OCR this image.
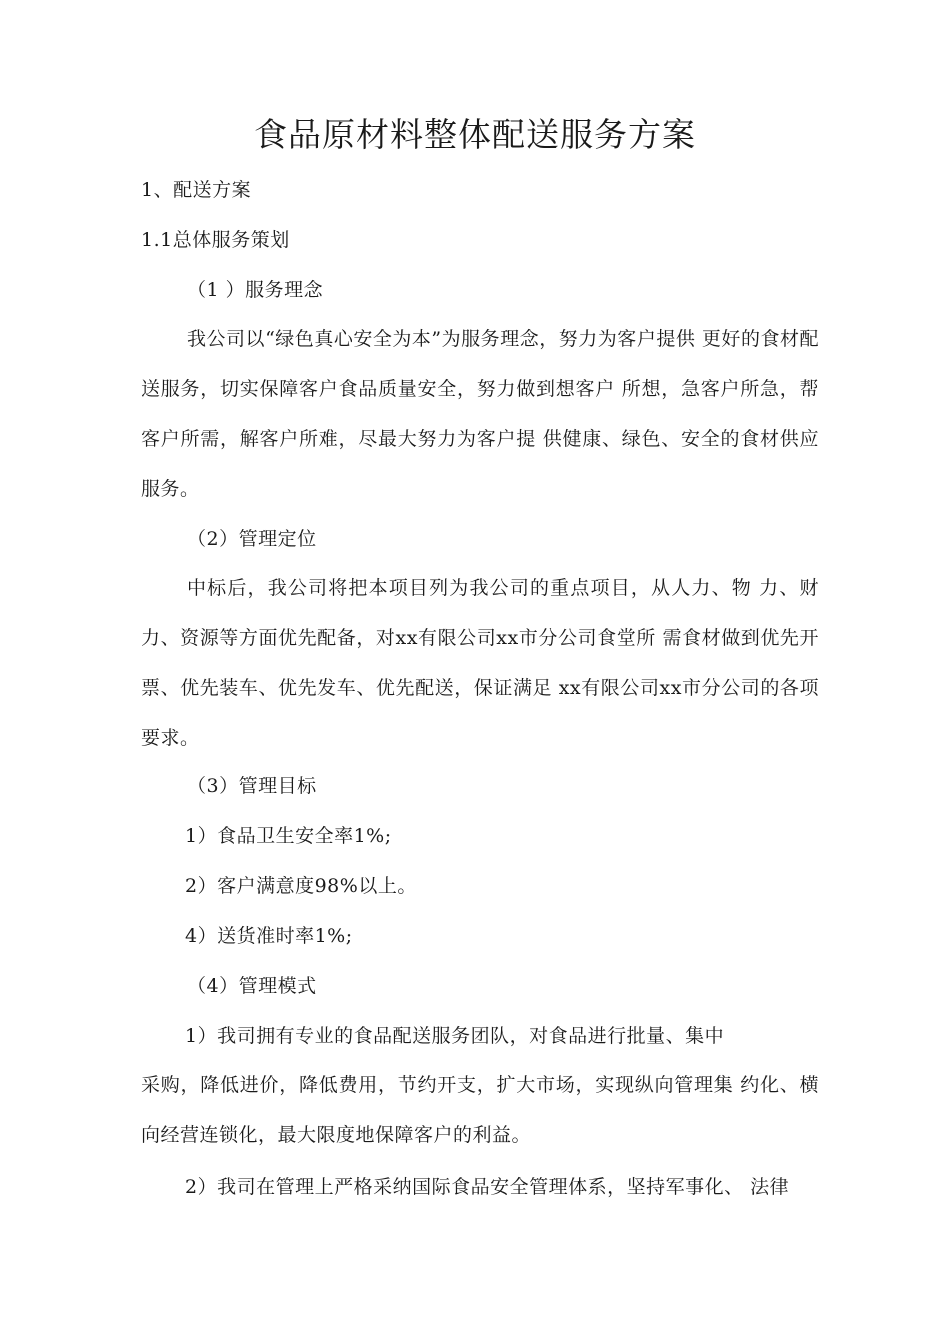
食品原材料整体配送服务方案
1、配送方案
1.1总体服务策划
（1 ）服务理念
我公司以“绿色真心安全为本”为服务理念，努力为客户提供 更好的食材配送服务，切实保障客户食品质量安全，努力做到想客户 所想，急客户所急，帮客户所需，解客户所难，尽最大努力为客户提 供健康、绿色、安全的食材供应服务。
（2）管理定位
中标后，我公司将把本项目列为我公司的重点项目，从人力、物 力、财力、资源等方面优先配备，对xx有限公司xx市分公司食堂所 需食材做到优先开票、优先装车、优先发车、优先配送，保证满足 xx有限公司xx市分公司的各项要求。
（3）管理目标
1）食品卫生安全率1%;
2）客户满意度98%以上。
4）送货准时率1%;
（4）管理模式
1）我司拥有专业的食品配送服务团队，对食品进行批量、集中
采购，降低进价，降低费用，节约开支，扩大市场，实现纵向管理集 约化、横向经营连锁化，最大限度地保障客户的利益。
2）我司在管理上严格采纳国际食品安全管理体系，坚持军事化、 法律
